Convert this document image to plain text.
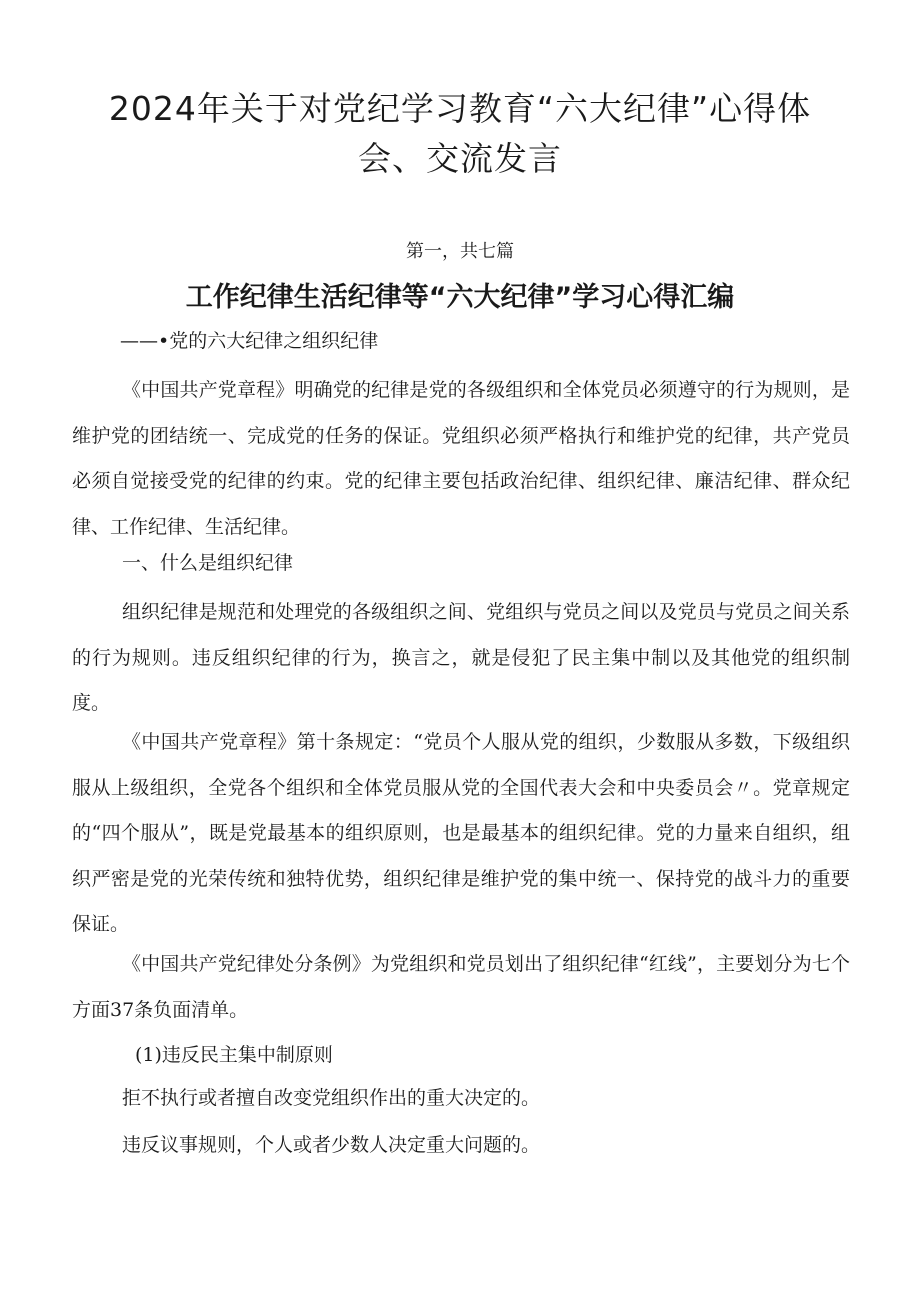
2024年关于对党纪学习教育“六大纪律”心得体会、交流发言

第一，共七篇

工作纪律生活纪律等“六大纪律”学习心得汇编

——•党的六大纪律之组织纪律

《中国共产党章程》明确党的纪律是党的各级组织和全体党员必须遵守的行为规则，是维护党的团结统一、完成党的任务的保证。党组织必须严格执行和维护党的纪律，共产党员必须自觉接受党的纪律的约束。党的纪律主要包括政治纪律、组织纪律、廉洁纪律、群众纪律、工作纪律、生活纪律。

一、什么是组织纪律

组织纪律是规范和处理党的各级组织之间、党组织与党员之间以及党员与党员之间关系的行为规则。违反组织纪律的行为，换言之，就是侵犯了民主集中制以及其他党的组织制度。

《中国共产党章程》第十条规定：“党员个人服从党的组织，少数服从多数，下级组织服从上级组织，全党各个组织和全体党员服从党的全国代表大会和中央委员会〃。党章规定的“四个服从”，既是党最基本的组织原则，也是最基本的组织纪律。党的力量来自组织，组织严密是党的光荣传统和独特优势，组织纪律是维护党的集中统一、保持党的战斗力的重要保证。

《中国共产党纪律处分条例》为党组织和党员划出了组织纪律“红线”，主要划分为七个方面37条负面清单。

(1)违反民主集中制原则

拒不执行或者擅自改变党组织作出的重大决定的。

违反议事规则，个人或者少数人决定重大问题的。
